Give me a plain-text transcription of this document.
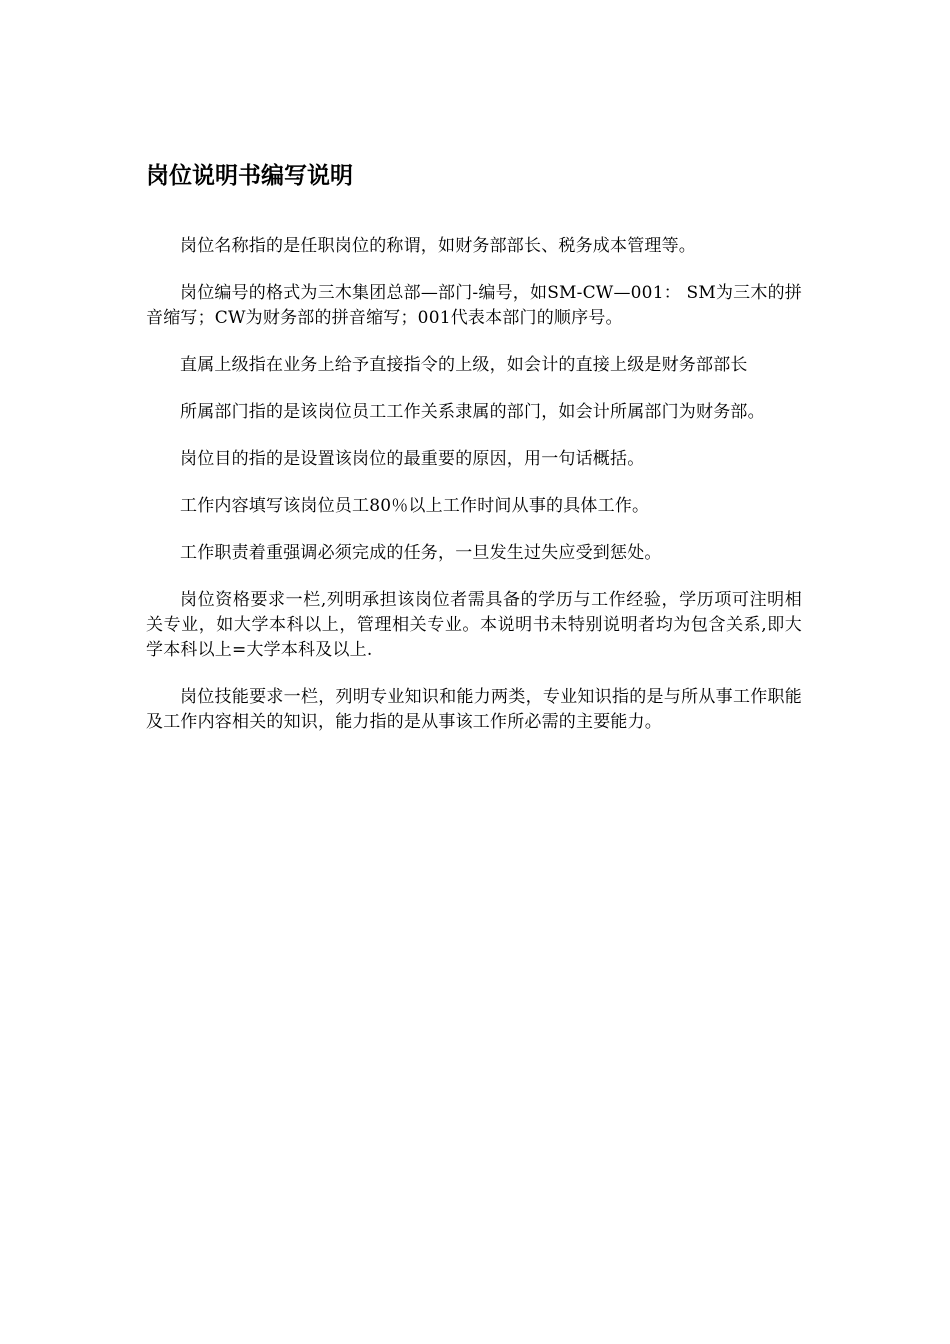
岗位说明书编写说明

岗位名称指的是任职岗位的称谓，如财务部部长、税务成本管理等。

岗位编号的格式为三木集团总部—部门-编号，如SM-CW—001： SM为三木的拼音缩写；CW为财务部的拼音缩写；001代表本部门的顺序号。

直属上级指在业务上给予直接指令的上级，如会计的直接上级是财务部部长

所属部门指的是该岗位员工工作关系隶属的部门，如会计所属部门为财务部。

岗位目的指的是设置该岗位的最重要的原因，用一句话概括。

工作内容填写该岗位员工80％以上工作时间从事的具体工作。

工作职责着重强调必须完成的任务，一旦发生过失应受到惩处。

岗位资格要求一栏,列明承担该岗位者需具备的学历与工作经验，学历项可注明相关专业，如大学本科以上，管理相关专业。本说明书未特别说明者均为包含关系,即大学本科以上=大学本科及以上.

岗位技能要求一栏，列明专业知识和能力两类，专业知识指的是与所从事工作职能及工作内容相关的知识，能力指的是从事该工作所必需的主要能力。
